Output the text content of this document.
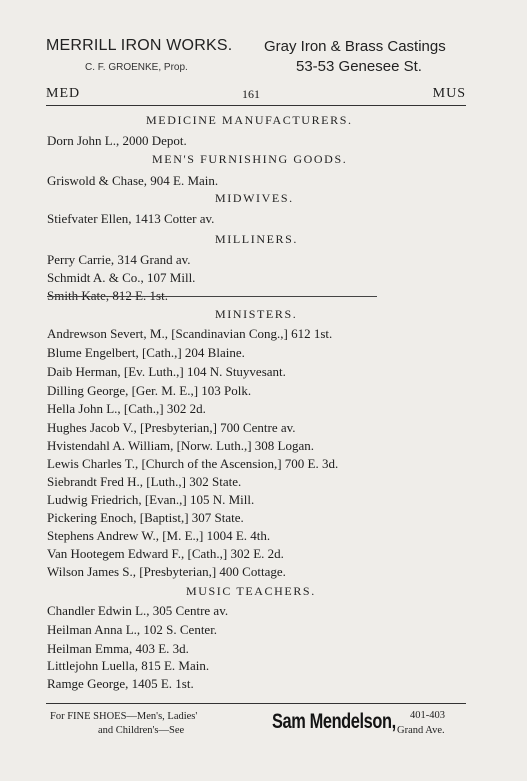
MERRILL IRON WORKS.
C. F. GROENKE, Prop.
Gray Iron & Brass Castings
53-53 Genesee St.
MED	161	MUS
MEDICINE MANUFACTURERS.
Dorn John L., 2000 Depot.
MEN'S FURNISHING GOODS.
Griswold & Chase, 904 E. Main.
MIDWIVES.
Stiefvater Ellen, 1413 Cotter av.
MILLINERS.
Perry Carrie, 314 Grand av.
Schmidt A. & Co., 107 Mill.
Smith Kate, 812 E. 1st.
MINISTERS.
Andrewson Severt, M., [Scandinavian Cong.,] 612 1st.
Blume Engelbert, [Cath.,] 204 Blaine.
Daib Herman, [Ev. Luth.,] 104 N. Stuyvesant.
Dilling George, [Ger. M. E.,] 103 Polk.
Hella John L., [Cath.,] 302 2d.
Hughes Jacob V., [Presbyterian,] 700 Centre av.
Hvistendahl A. William, [Norw. Luth.,] 308 Logan.
Lewis Charles T., [Church of the Ascension,] 700 E. 3d.
Siebrandt Fred H., [Luth.,] 302 State.
Ludwig Friedrich, [Evan.,] 105 N. Mill.
Pickering Enoch, [Baptist,] 307 State.
Stephens Andrew W., [M. E.,] 1004 E. 4th.
Van Hootegem Edward F., [Cath.,] 302 E. 2d.
Wilson James S., [Presbyterian,] 400 Cottage.
MUSIC TEACHERS.
Chandler Edwin L., 305 Centre av.
Heilman Anna L., 102 S. Center.
Heilman Emma, 403 E. 3d.
Littlejohn Luella, 815 E. Main.
Ramge George, 1405 E. 1st.
For FINE SHOES—Men's, Ladies'
and Children's—See	Sam Mendelson, 401-403
Grand Ave.
